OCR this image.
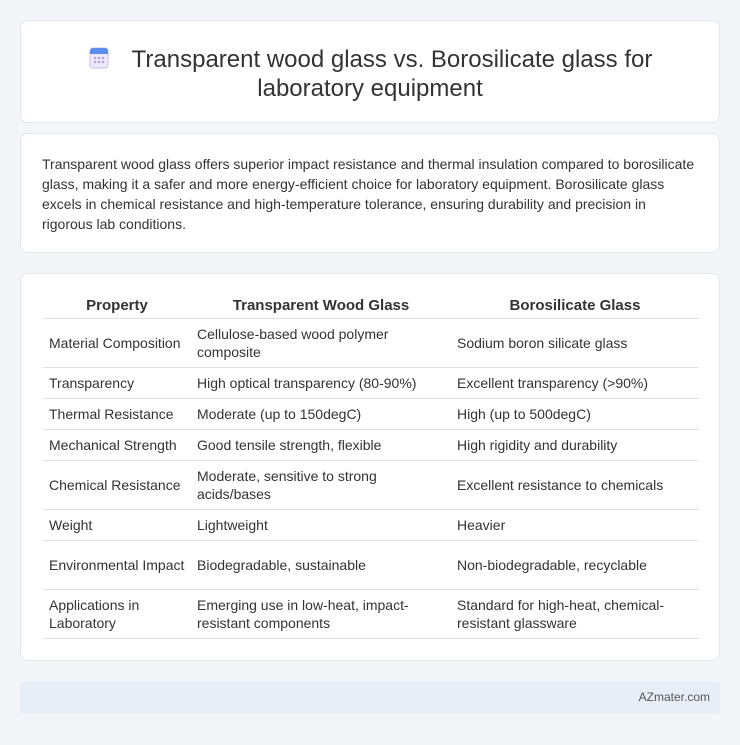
Transparent wood glass vs. Borosilicate glass for
laboratory equipment

Transparent wood glass offers superior impact resistance and thermal insulation compared to borosilicate glass, making it a safer and more energy-efficient choice for laboratory equipment. Borosilicate glass excels in chemical resistance and high-temperature tolerance, ensuring durability and precision in rigorous lab conditions.

Property	Transparent Wood Glass	Borosilicate Glass
Material Composition	Cellulose-based wood polymer composite	Sodium boron silicate glass
Transparency	High optical transparency (80-90%)	Excellent transparency (>90%)
Thermal Resistance	Moderate (up to 150degC)	High (up to 500degC)
Mechanical Strength	Good tensile strength, flexible	High rigidity and durability
Chemical Resistance	Moderate, sensitive to strong acids/bases	Excellent resistance to chemicals
Weight	Lightweight	Heavier
Environmental Impact	Biodegradable, sustainable	Non-biodegradable, recyclable
Applications in Laboratory	Emerging use in low-heat, impact-resistant components	Standard for high-heat, chemical-resistant glassware
AZmater.com
